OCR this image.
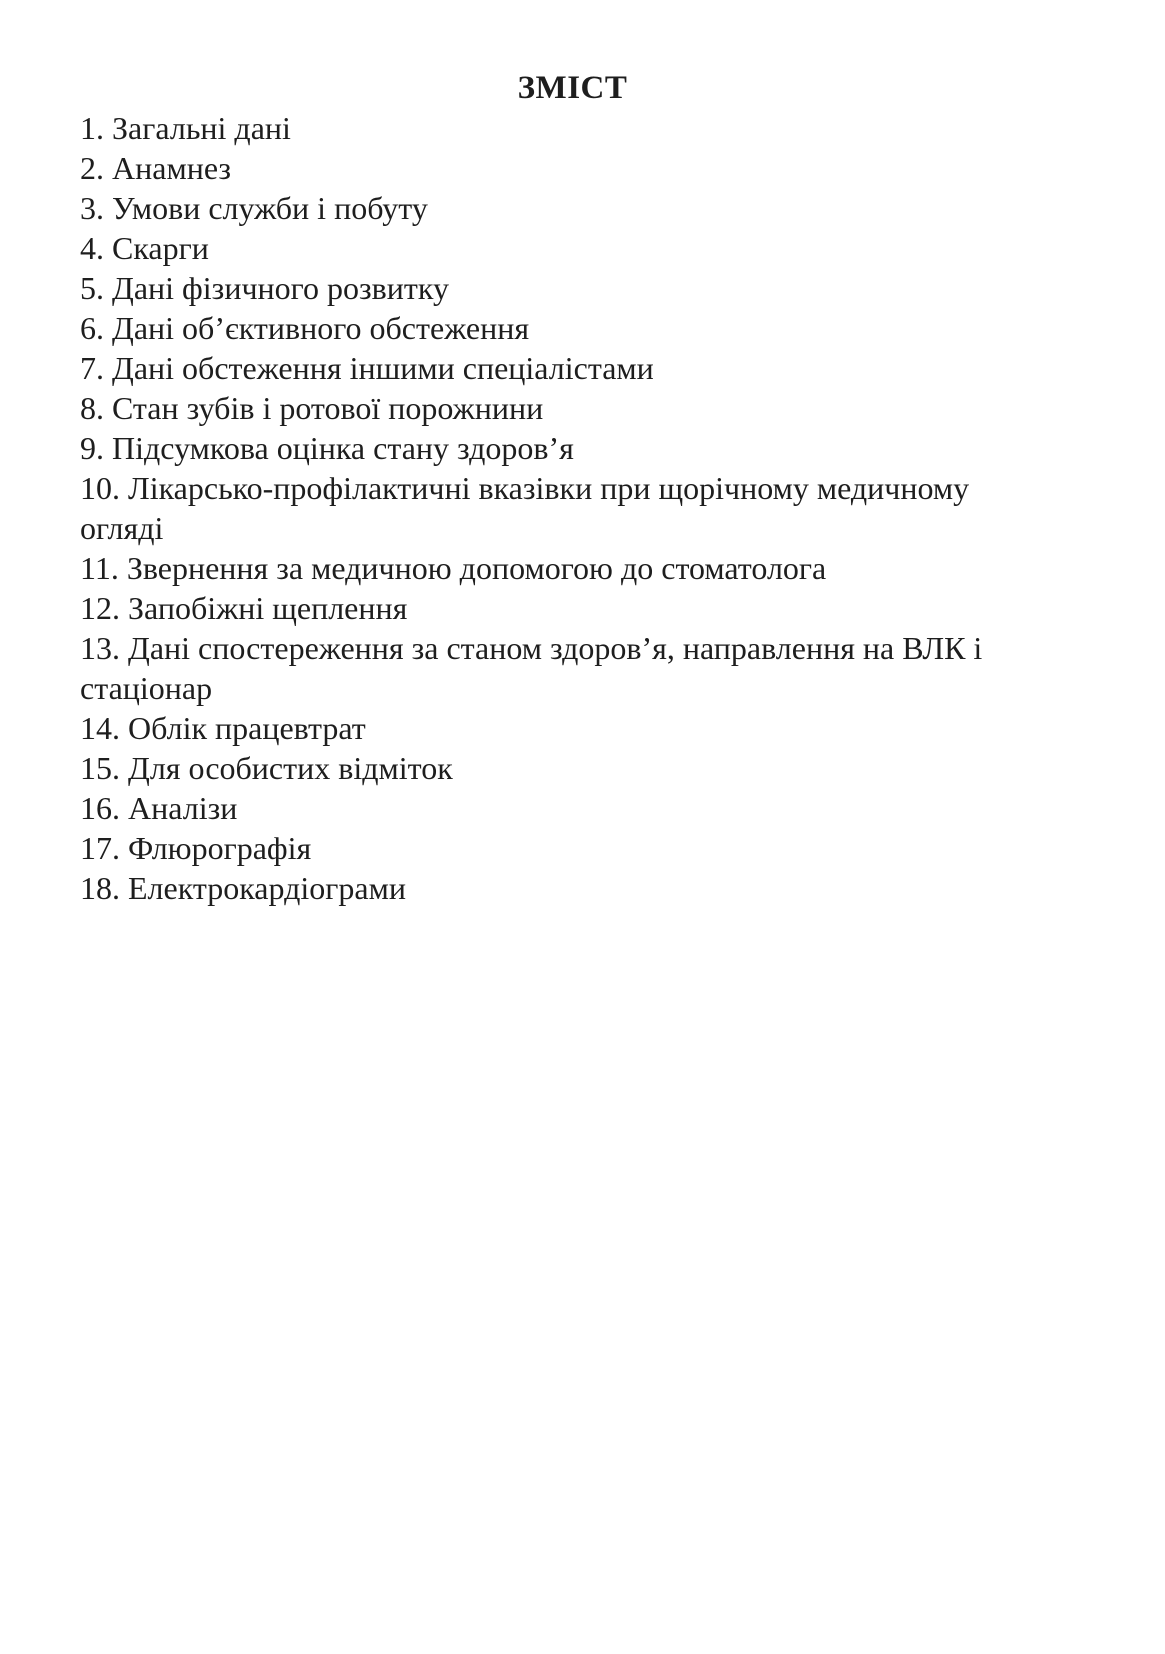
ЗМІСТ
1. Загальні дані
2. Анамнез
3. Умови служби і побуту
4. Скарги
5. Дані фізичного розвитку
6. Дані об’єктивного обстеження
7. Дані обстеження іншими спеціалістами
8. Стан зубів і ротової порожнини
9. Підсумкова оцінка стану здоров’я
10. Лікарсько-профілактичні вказівки при щорічному медичному
огляді
11. Звернення за медичною допомогою до стоматолога
12. Запобіжні щеплення
13. Дані спостереження за станом здоров’я, направлення на ВЛК і
стаціонар
14. Облік працевтрат
15. Для особистих відміток
16. Аналізи
17. Флюрографія
18. Електрокардіограми
